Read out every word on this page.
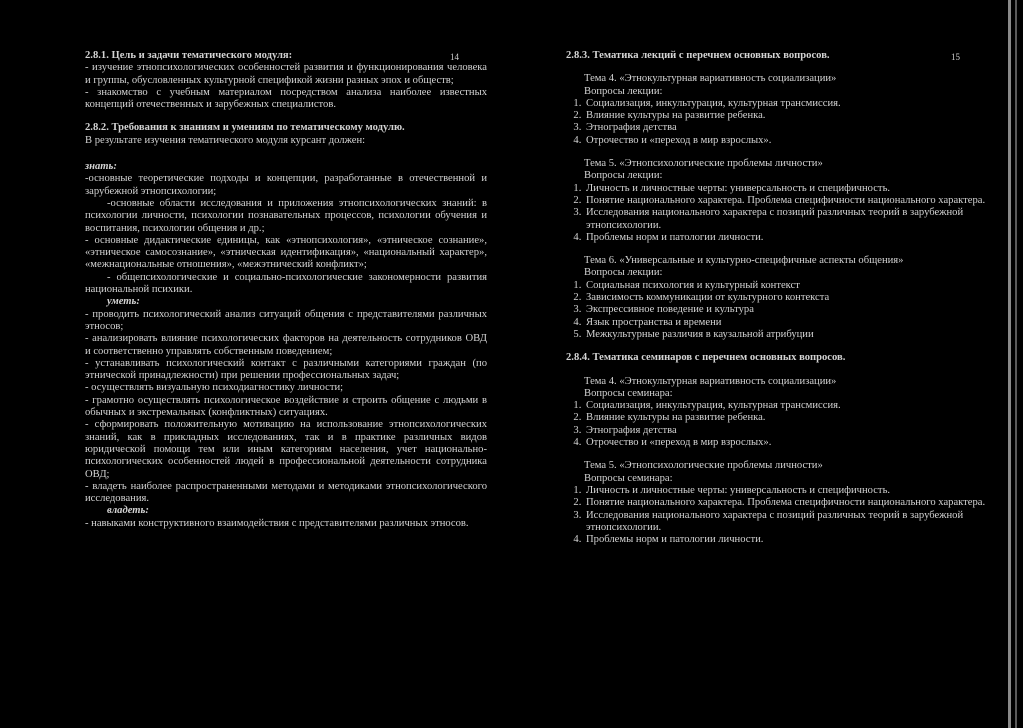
14

2.8.1. Цель и задачи тематического модуля:

- изучение этнопсихологических особенностей развития и функционирования человека и группы, обусловленных культурной спецификой жизни разных эпох и обществ;

- знакомство с учебным материалом посредством анализа наиболее известных концепций отечественных и зарубежных специалистов.

2.8.2. Требования к знаниям и умениям по тематическому модулю.

В результате изучения тематического модуля курсант должен:

знать:

-основные теоретические подходы и концепции, разработанные в отечественной и зарубежной этнопсихологии;

-основные области исследования и приложения этнопсихологических знаний: в психологии личности, психологии познавательных процессов, психологии обучения и воспитания, психологии общения и др.;

- основные дидактические единицы, как «этнопсихология», «этническое сознание», «этническое самосознание», «этническая идентификация», «национальный характер», «межнациональные отношения», «межэтнический конфликт»;

- общепсихологические и социально-психологические закономерности развития национальной психики.

уметь:

- проводить психологический анализ ситуаций общения с представителями различных этносов;

- анализировать влияние психологических факторов на деятельность сотрудников ОВД и соответственно управлять собственным поведением;

- устанавливать психологический контакт с различными категориями граждан (по этнической принадлежности) при решении профессиональных задач;

- осуществлять визуальную психодиагностику личности;

- грамотно осуществлять психологическое воздействие и строить общение с людьми в обычных и экстремальных (конфликтных) ситуациях.

- сформировать положительную мотивацию на использование этнопсихологических знаний, как в прикладных исследованиях, так и в практике различных видов юридической помощи тем или иным категориям населения, учет национально-психологических особенностей людей в профессиональной деятельности сотрудника ОВД;

- владеть наиболее распространенными методами и методиками этнопсихологического исследования.

владеть:

- навыками конструктивного взаимодействия с представителями различных этносов.

15

2.8.3. Тематика лекций с перечнем основных вопросов.

Тема 4. «Этнокультурная вариативность социализации»

Вопросы лекции:

1. Социализация, инкультурация, культурная трансмиссия.
2. Влияние культуры на развитие ребенка.
3. Этнография детства
4. Отрочество и «переход в мир взрослых».

Тема 5. «Этнопсихологические проблемы личности»

Вопросы лекции:

1. Личность и личностные черты: универсальность и специфичность.
2. Понятие национального характера. Проблема специфичности национального характера.
3. Исследования национального характера с позиций различных теорий в зарубежной этнопсихологии.
4. Проблемы норм и патологии личности.

Тема 6. «Универсальные и культурно-специфичные аспекты общения»

Вопросы лекции:

1. Социальная психология и культурный контекст
2. Зависимость коммуникации от культурного контекста
3. Экспрессивное поведение и культура
4. Язык пространства и времени
5. Межкультурные различия в каузальной атрибуции

2.8.4. Тематика семинаров с перечнем основных вопросов.

Тема 4. «Этнокультурная вариативность социализации»

Вопросы семинара:

1. Социализация, инкультурация, культурная трансмиссия.
2. Влияние культуры на развитие ребенка.
3. Этнография детства
4. Отрочество и «переход в мир взрослых».

Тема 5. «Этнопсихологические проблемы личности»

Вопросы семинара:

1. Личность и личностные черты: универсальность и специфичность.
2. Понятие национального характера. Проблема специфичности национального характера.
3. Исследования национального характера с позиций различных теорий в зарубежной этнопсихологии.
4. Проблемы норм и патологии личности.
